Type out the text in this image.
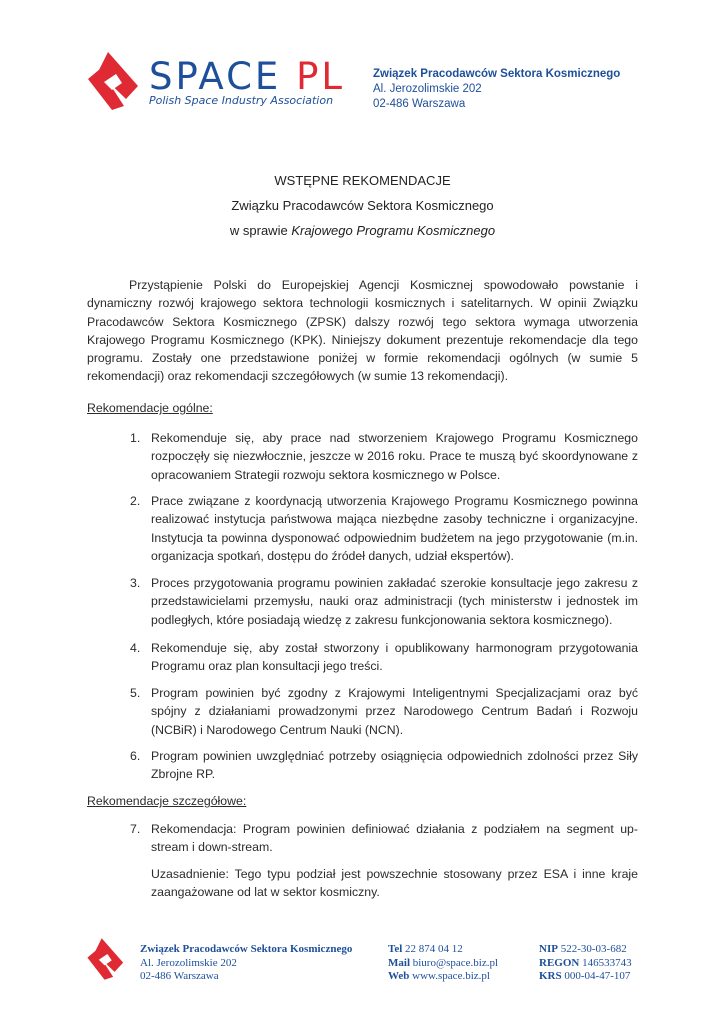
SPACE PL
Polish Space Industry Association
Związek Pracodawców Sektora Kosmicznego
Al. Jerozolimskie 202
02-486 Warszawa
WSTĘPNE REKOMENDACJE
Związku Pracodawców Sektora Kosmicznego
w sprawie Krajowego Programu Kosmicznego
Przystąpienie Polski do Europejskiej Agencji Kosmicznej spowodowało powstanie i dynamiczny rozwój krajowego sektora technologii kosmicznych i satelitarnych. W opinii Związku Pracodawców Sektora Kosmicznego (ZPSK) dalszy rozwój tego sektora wymaga utworzenia Krajowego Programu Kosmicznego (KPK). Niniejszy dokument prezentuje rekomendacje dla tego programu. Zostały one przedstawione poniżej w formie rekomendacji ogólnych (w sumie 5 rekomendacji) oraz rekomendacji szczegółowych (w sumie 13 rekomendacji).
Rekomendacje ogólne:
1. Rekomenduje się, aby prace nad stworzeniem Krajowego Programu Kosmicznego rozpoczęły się niezwłocznie, jeszcze w 2016 roku. Prace te muszą być skoordynowane z opracowaniem Strategii rozwoju sektora kosmicznego w Polsce.
2. Prace związane z koordynacją utworzenia Krajowego Programu Kosmicznego powinna realizować instytucja państwowa mająca niezbędne zasoby techniczne i organizacyjne. Instytucja ta powinna dysponować odpowiednim budżetem na jego przygotowanie (m.in. organizacja spotkań, dostępu do źródeł danych, udział ekspertów).
3. Proces przygotowania programu powinien zakładać szerokie konsultacje jego zakresu z przedstawicielami przemysłu, nauki oraz administracji (tych ministerstw i jednostek im podległych, które posiadają wiedzę z zakresu funkcjonowania sektora kosmicznego).
4. Rekomenduje się, aby został stworzony i opublikowany harmonogram przygotowania Programu oraz plan konsultacji jego treści.
5. Program powinien być zgodny z Krajowymi Inteligentnymi Specjalizacjami oraz być spójny z działaniami prowadzonymi przez Narodowego Centrum Badań i Rozwoju (NCBiR) i Narodowego Centrum Nauki (NCN).
6. Program powinien uwzględniać potrzeby osiągnięcia odpowiednich zdolności przez Siły Zbrojne RP.
Rekomendacje szczegółowe:
7. Rekomendacja: Program powinien definiować działania z podziałem na segment up-stream i down-stream.
Uzasadnienie: Tego typu podział jest powszechnie stosowany przez ESA i inne kraje zaangażowane od lat w sektor kosmiczny.
Związek Pracodawców Sektora Kosmicznego
Al. Jerozolimskie 202
02-486 Warszawa
Tel 22 874 04 12
Mail biuro@space.biz.pl
Web www.space.biz.pl
NIP 522-30-03-682
REGON 146533743
KRS 000-04-47-107
